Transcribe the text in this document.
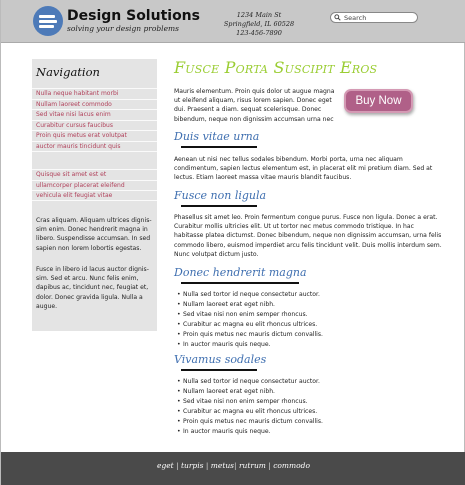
Design Solutions
solving your design problems
1234 Main St
Springfield, IL 60528
123-456-7890
Search
Navigation
Nulla neque habitant morbi
Nullam laoreet commodo
Sed vitae nisi lacus enim
Curabitur cursus faucibus
Proin quis metus erat volutpat
auctor mauris tincidunt quis
Quisque sit amet est et
ullamcorper placerat eleifend
vehicula elit feugiat vitae
Cras aliquam. Aliquam ultrices dignis-sim enim. Donec hendrerit magna in libero. Suspendisse accumsan. In sed sapien non lorem lobortis egestas.
Fusce in libero id lacus auctor dignis-sim. Sed et arcu. Nunc felis enim, dapibus ac, tincidunt nec, feugiat et, dolor. Donec gravida ligula. Nulla a augue.
Fusce Porta Suscipit Eros
Mauris elementum. Proin quis dolor ut augue magna ut eleifend aliquam, risus lorem sapien. Donec eget dui. Praesent a diam. sequat scelerisque. Donec bibendum, neque non dignissim accumsan urna nec
Buy Now
Duis vitae urna
Aenean ut nisi nec tellus sodales bibendum. Morbi porta, urna nec aliquam condimentum, sapien lectus elementum est, in placerat elit mi pretium diam. Sed at lectus. Etiam laoreet massa vitae mauris blandit faucibus.
Fusce non ligula
Phasellus sit amet leo. Proin fermentum congue purus. Fusce non ligula. Donec a erat. Curabitur mollis ultricies elit. Ut ut tortor nec metus commodo tristique. In hac habitasse platea dictumst. Donec bibendum, neque non dignissim accumsan, urna felis commodo libero, euismod imperdiet arcu felis tincidunt velit. Duis mollis interdum sem. Nunc volutpat dictum justo.
Donec hendrerit magna
• Nulla sed tortor id neque consectetur auctor.
• Nullam laoreet erat eget nibh.
• Sed vitae nisi non enim semper rhoncus.
• Curabitur ac magna eu elit rhoncus ultrices.
• Proin quis metus nec mauris dictum convallis.
• In auctor mauris quis neque.
Vivamus sodales
• Nulla sed tortor id neque consectetur auctor.
• Nullam laoreet erat eget nibh.
• Sed vitae nisi non enim semper rhoncus.
• Curabitur ac magna eu elit rhoncus ultrices.
• Proin quis metus nec mauris dictum convallis.
• In auctor mauris quis neque.
eget | turpis | metus| rutrum | commodo
